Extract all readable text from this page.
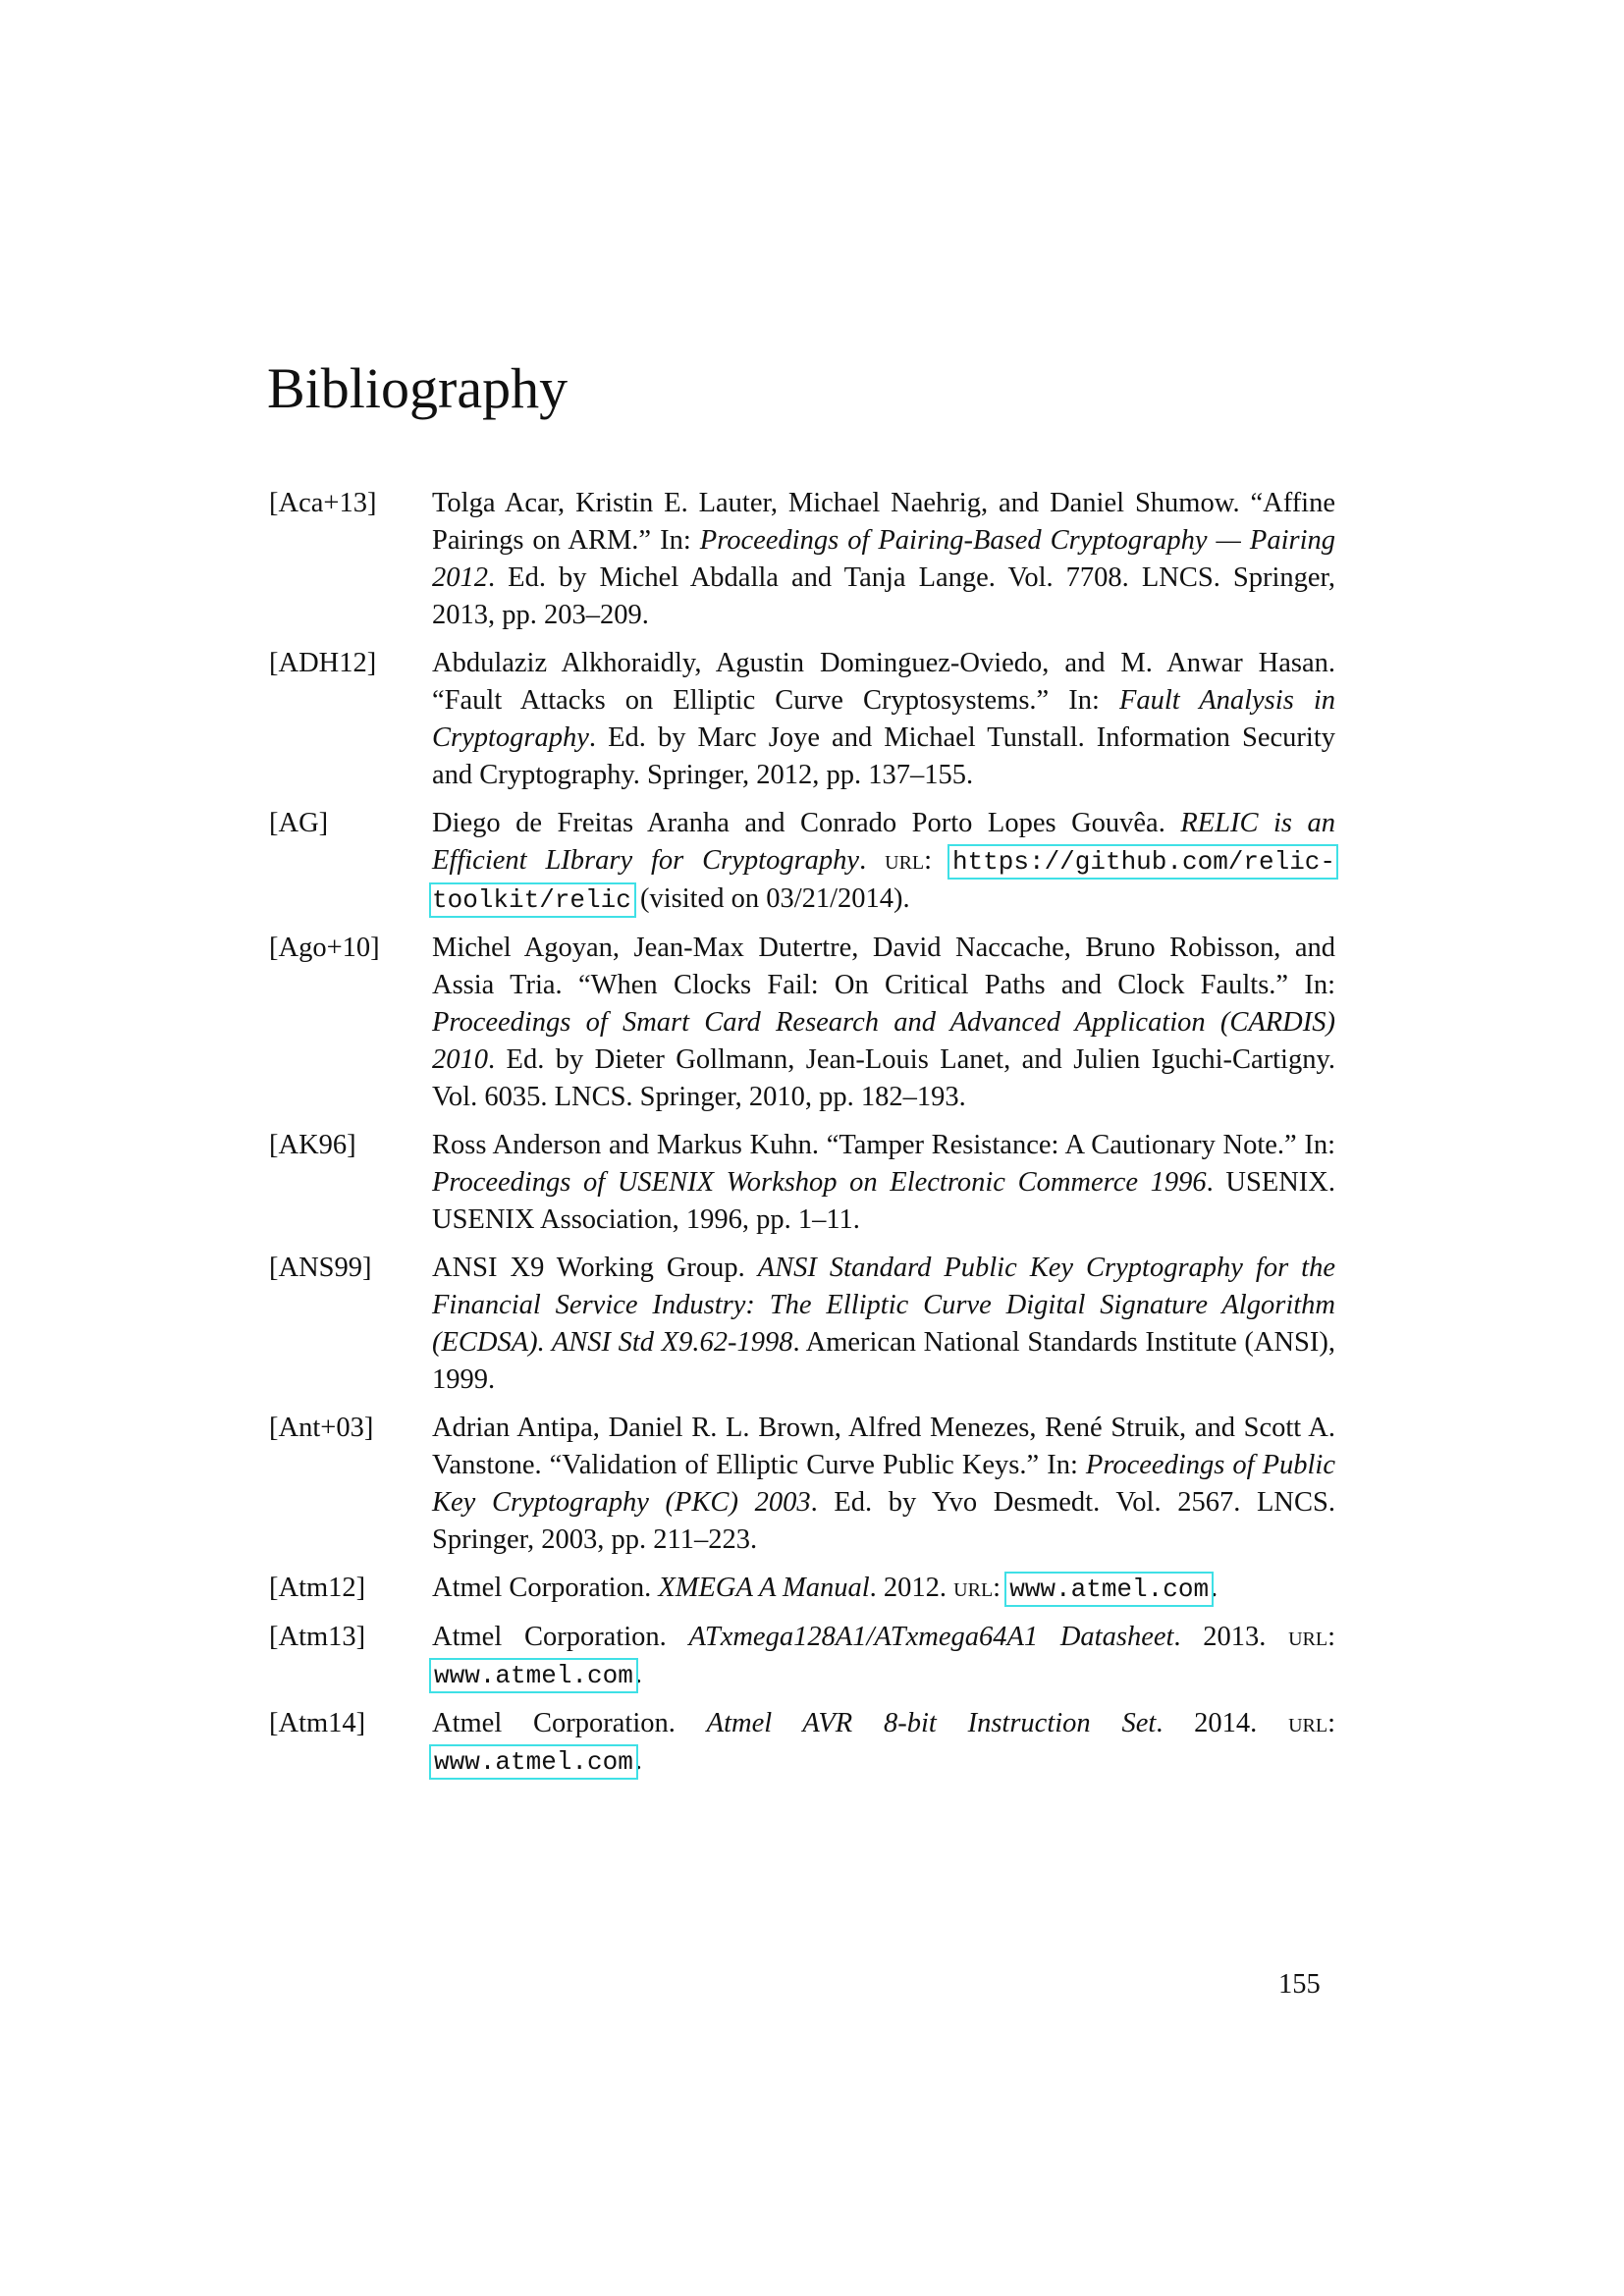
Bibliography
[Aca+13]	Tolga Acar, Kristin E. Lauter, Michael Naehrig, and Daniel Shumow. “Affine Pairings on ARM.” In: Proceedings of Pairing-Based Cryptography — Pairing 2012. Ed. by Michel Abdalla and Tanja Lange. Vol. 7708. LNCS. Springer, 2013, pp. 203–209.
[ADH12]	Abdulaziz Alkhoraidly, Agustin Dominguez-Oviedo, and M. Anwar Hasan. “Fault Attacks on Elliptic Curve Cryptosystems.” In: Fault Analysis in Cryptography. Ed. by Marc Joye and Michael Tunstall. Information Security and Cryptography. Springer, 2012, pp. 137–155.
[AG]	Diego de Freitas Aranha and Conrado Porto Lopes Gouvêa. RELIC is an Efficient LIbrary for Cryptography. url: https://github.com/relic-toolkit/relic (visited on 03/21/2014).
[Ago+10]	Michel Agoyan, Jean-Max Dutertre, David Naccache, Bruno Robisson, and Assia Tria. “When Clocks Fail: On Critical Paths and Clock Faults.” In: Proceedings of Smart Card Research and Advanced Application (CARDIS) 2010. Ed. by Dieter Gollmann, Jean-Louis Lanet, and Julien Iguchi-Cartigny. Vol. 6035. LNCS. Springer, 2010, pp. 182–193.
[AK96]	Ross Anderson and Markus Kuhn. “Tamper Resistance: A Cautionary Note.” In: Proceedings of USENIX Workshop on Electronic Commerce 1996. USENIX. USENIX Association, 1996, pp. 1–11.
[ANS99]	ANSI X9 Working Group. ANSI Standard Public Key Cryptography for the Financial Service Industry: The Elliptic Curve Digital Signature Algorithm (ECDSA). ANSI Std X9.62-1998. American National Standards Institute (ANSI), 1999.
[Ant+03]	Adrian Antipa, Daniel R. L. Brown, Alfred Menezes, René Struik, and Scott A. Vanstone. “Validation of Elliptic Curve Public Keys.” In: Proceedings of Public Key Cryptography (PKC) 2003. Ed. by Yvo Desmedt. Vol. 2567. LNCS. Springer, 2003, pp. 211–223.
[Atm12]	Atmel Corporation. XMEGA A Manual. 2012. url: www.atmel.com.
[Atm13]	Atmel Corporation. ATxmega128A1/ATxmega64A1 Datasheet. 2013. url: www.atmel.com.
[Atm14]	Atmel Corporation. Atmel AVR 8-bit Instruction Set. 2014. url: www.atmel.com.
155
